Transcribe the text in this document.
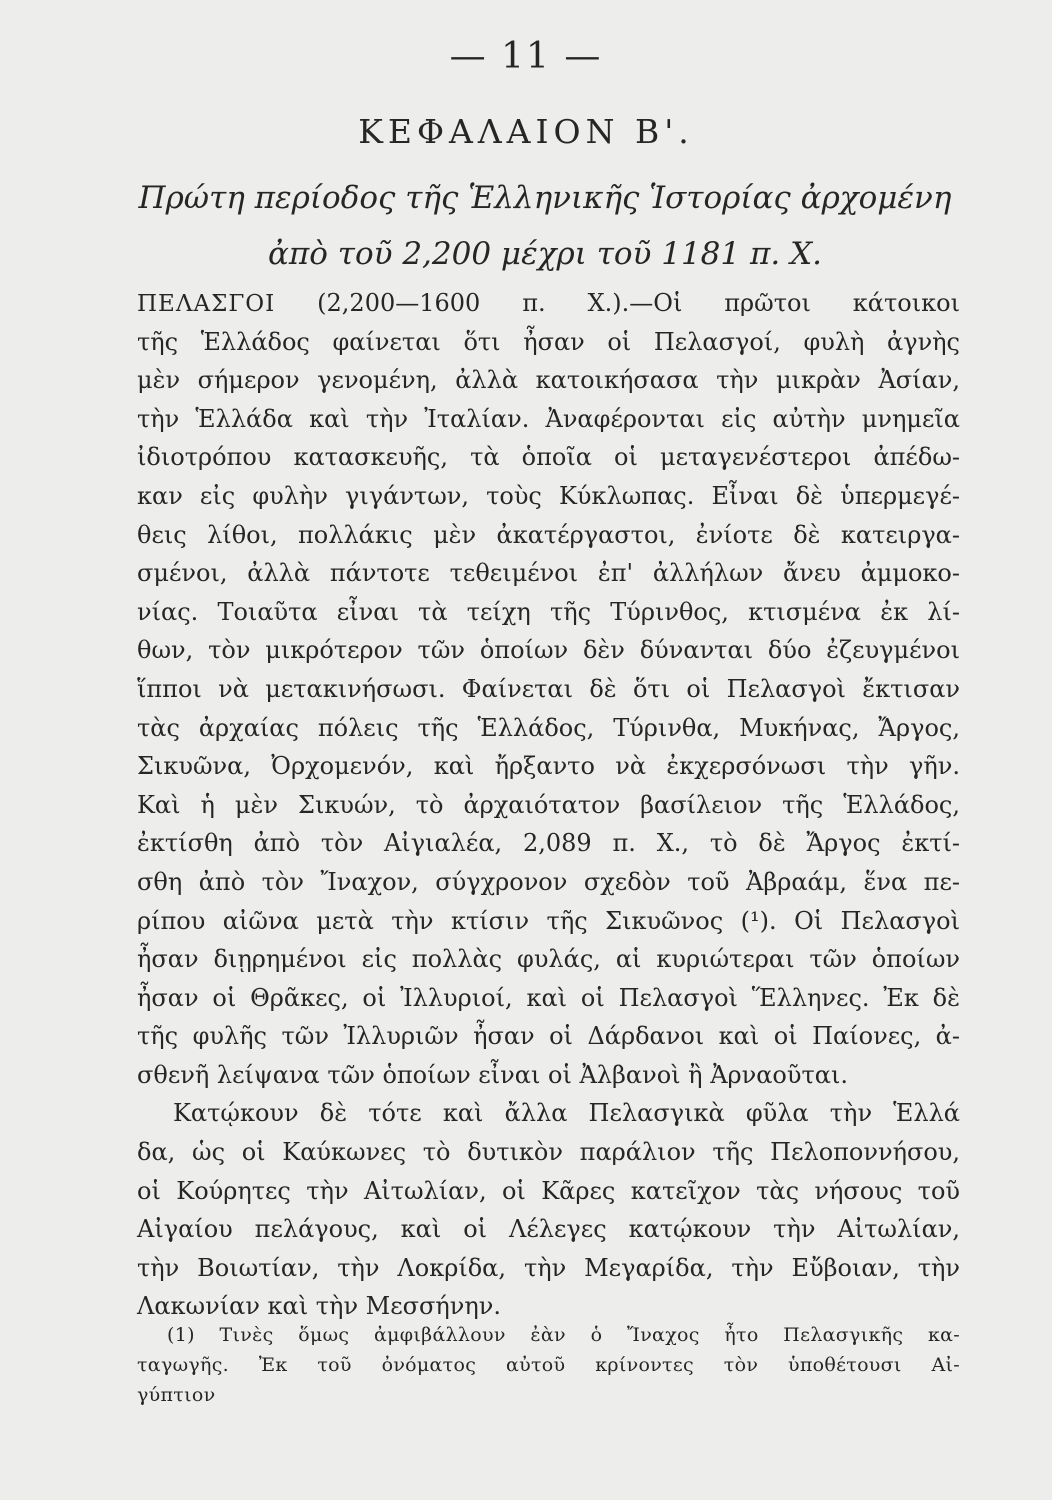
— 11 —
ΚΕΦΑΛΑΙΟΝ Β'.
Πρώτη περίοδος τῆς Ἑλληνικῆς Ἱστορίας ἀρχομένη
ἀπὸ τοῦ 2,200 μέχρι τοῦ 1181 π. Χ.
ΠΕΛΑΣΓΟΙ (2,200—1600 π. Χ.).—Οἱ πρῶτοι κάτοικοι
τῆς Ἑλλάδος φαίνεται ὅτι ἦσαν οἱ Πελασγοί, φυλὴ ἀγνὴς
μὲν σήμερον γενομένη, ἀλλὰ κατοικήσασα τὴν μικρὰν Ἀσίαν,
τὴν Ἑλλάδα καὶ τὴν Ἰταλίαν. Ἀναφέρονται εἰς αὐτὴν μνημεῖα
ἰδιοτρόπου κατασκευῆς, τὰ ὁποῖα οἱ μεταγενέστεροι ἀπέδω-
καν εἰς φυλὴν γιγάντων, τοὺς Κύκλωπας. Εἶναι δὲ ὑπερμεγέ-
θεις λίθοι, πολλάκις μὲν ἀκατέργαστοι, ἐνίοτε δὲ κατειργα-
σμένοι, ἀλλὰ πάντοτε τεθειμένοι ἐπ' ἀλλήλων ἄνευ ἀμμοκο-
νίας. Τοιαῦτα εἶναι τὰ τείχη τῆς Τύρινθος, κτισμένα ἐκ λί-
θων, τὸν μικρότερον τῶν ὁποίων δὲν δύνανται δύο ἐζευγμένοι
ἵπποι νὰ μετακινήσωσι. Φαίνεται δὲ ὅτι οἱ Πελασγοὶ ἔκτισαν
τὰς ἀρχαίας πόλεις τῆς Ἑλλάδος, Τύρινθα, Μυκήνας, Ἄργος,
Σικυῶνα, Ὀρχομενόν, καὶ ἤρξαντο νὰ ἐκχερσόνωσι τὴν γῆν.
Καὶ ἡ μὲν Σικυών, τὸ ἀρχαιότατον βασίλειον τῆς Ἑλλάδος,
ἐκτίσθη ἀπὸ τὸν Αἰγιαλέα, 2,089 π. Χ., τὸ δὲ Ἄργος ἐκτί-
σθη ἀπὸ τὸν Ἴναχον, σύγχρονον σχεδὸν τοῦ Ἀβραάμ, ἕνα πε-
ρίπου αἰῶνα μετὰ τὴν κτίσιν τῆς Σικυῶνος (¹). Οἱ Πελασγοὶ
ἦσαν διῃρημένοι εἰς πολλὰς φυλάς, αἱ κυριώτεραι τῶν ὁποίων
ἦσαν οἱ Θρᾶκες, οἱ Ἰλλυριοί, καὶ οἱ Πελασγοὶ Ἕλληνες. Ἐκ δὲ
τῆς φυλῆς τῶν Ἰλλυριῶν ἦσαν οἱ Δάρδανοι καὶ οἱ Παίονες, ἀ-
σθενῆ λείψανα τῶν ὁποίων εἶναι οἱ Ἀλβανοὶ ἢ Ἀρναοῦται.
Κατῴκουν δὲ τότε καὶ ἄλλα Πελασγικὰ φῦλα τὴν Ἑλλά
δα, ὡς οἱ Καύκωνες τὸ δυτικὸν παράλιον τῆς Πελοποννήσου,
οἱ Κούρητες τὴν Αἰτωλίαν, οἱ Κᾶρες κατεῖχον τὰς νήσους τοῦ
Αἰγαίου πελάγους, καὶ οἱ Λέλεγες κατῴκουν τὴν Αἰτωλίαν,
τὴν Βοιωτίαν, τὴν Λοκρίδα, τὴν Μεγαρίδα, τὴν Εὔβοιαν, τὴν
Λακωνίαν καὶ τὴν Μεσσήνην.
(1) Τινὲς ὅμως ἀμφιβάλλουν ἐὰν ὁ Ἴναχος ἦτο Πελασγικῆς κα-
ταγωγῆς. Ἐκ τοῦ ὀνόματος αὐτοῦ κρίνοντες τὸν ὑποθέτουσι Αἰ-
γύπτιον
